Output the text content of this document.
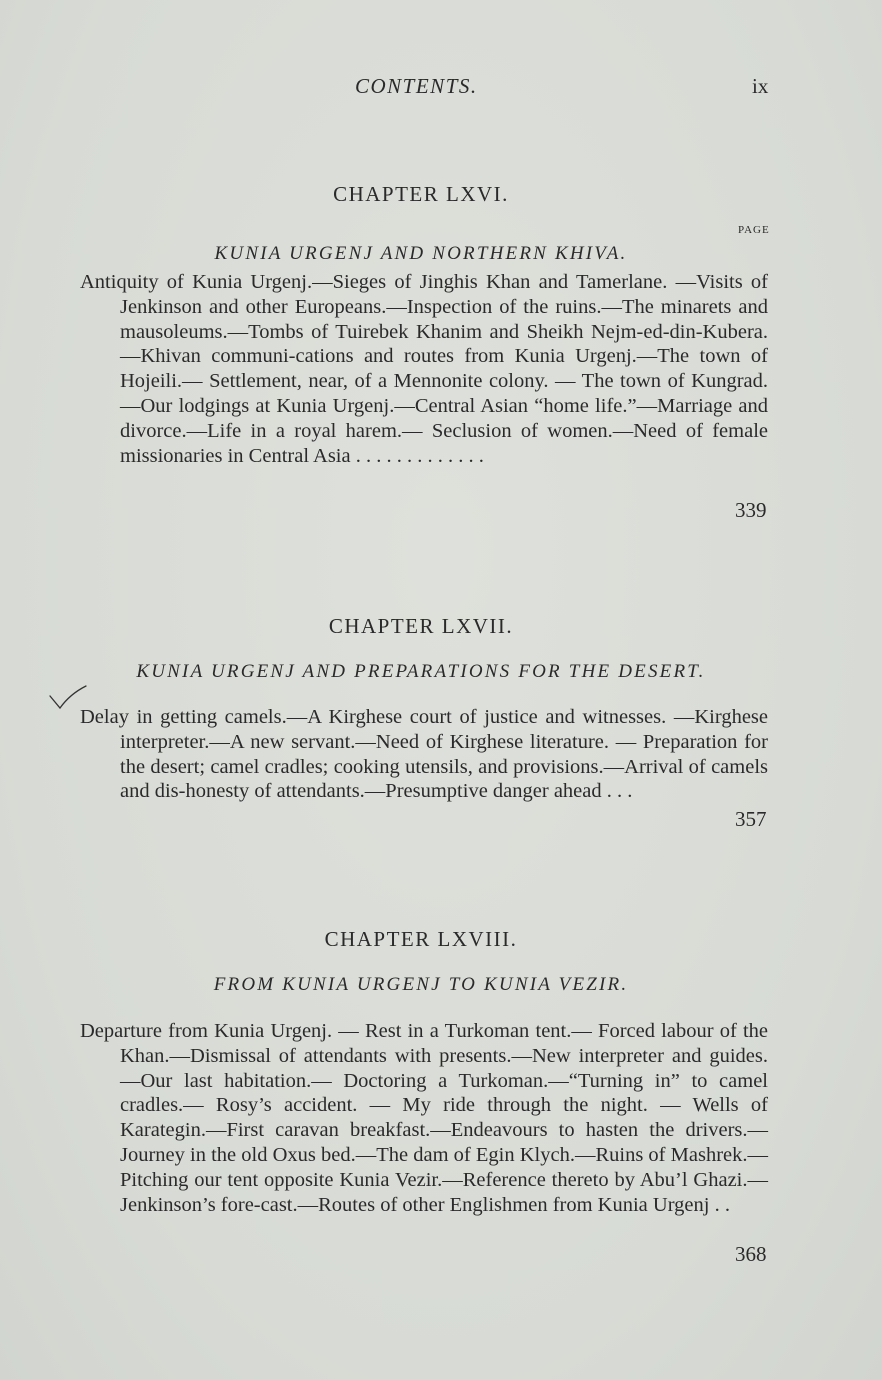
CONTENTS.	ix
CHAPTER LXVI.
PAGE
KUNIA URGENJ AND NORTHERN KHIVA.

Antiquity of Kunia Urgenj.—Sieges of Jinghis Khan and Tamerlane. —Visits of Jenkinson and other Europeans.—Inspection of the ruins.—The minarets and mausoleums.—Tombs of Tuirebek Khanim and Sheikh Nejm-ed-din-Kubera.—Khivan communi-cations and routes from Kunia Urgenj.—The town of Hojeili.— Settlement, near, of a Mennonite colony. — The town of Kungrad.—Our lodgings at Kunia Urgenj.—Central Asian “home life.”—Marriage and divorce.—Life in a royal harem.— Seclusion of women.—Need of female missionaries in Central Asia . . . . . . . . . . . . .

339
CHAPTER LXVII.
KUNIA URGENJ AND PREPARATIONS FOR THE DESERT.

Delay in getting camels.—A Kirghese court of justice and witnesses. —Kirghese interpreter.—A new servant.—Need of Kirghese literature. — Preparation for the desert; camel cradles; cooking utensils, and provisions.—Arrival of camels and dis-honesty of attendants.—Presumptive danger ahead . . .

357
CHAPTER LXVIII.
FROM KUNIA URGENJ TO KUNIA VEZIR.

Departure from Kunia Urgenj. — Rest in a Turkoman tent.— Forced labour of the Khan.—Dismissal of attendants with presents.—New interpreter and guides.—Our last habitation.— Doctoring a Turkoman.—“Turning in” to camel cradles.— Rosy’s accident. — My ride through the night. — Wells of Karategin.—First caravan breakfast.—Endeavours to hasten the drivers.—Journey in the old Oxus bed.—The dam of Egin Klych.—Ruins of Mashrek.—Pitching our tent opposite Kunia Vezir.—Reference thereto by Abu’l Ghazi.—Jenkinson’s fore-cast.—Routes of other Englishmen from Kunia Urgenj . .

368
